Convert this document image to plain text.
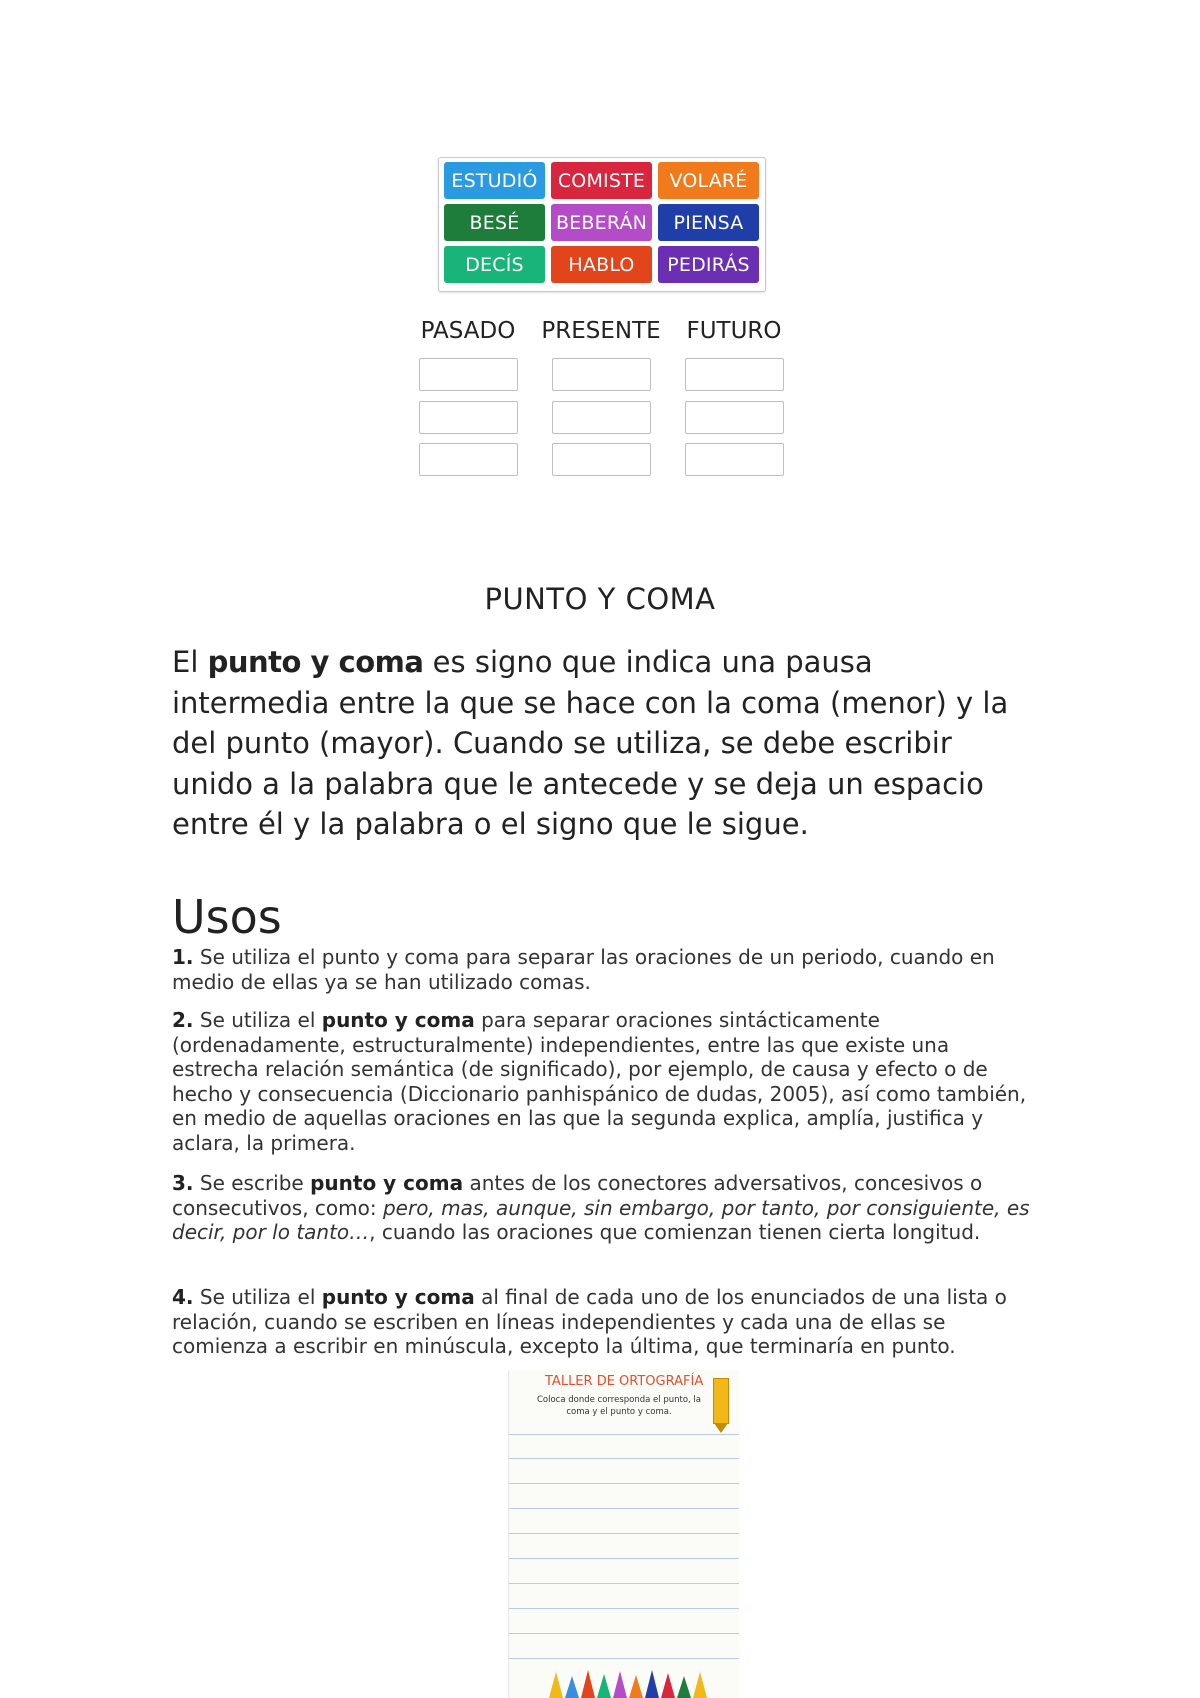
ESTUDIÓ	COMISTE	VOLARÉ
BESÉ	BEBERÁN	PIENSA
DECÍS	HABLO	PEDIRÁS
PASADO	PRESENTE	FUTURO
PUNTO Y COMA

El punto y coma es signo que indica una pausa intermedia entre la que se hace con la coma (menor) y la del punto (mayor). Cuando se utiliza, se debe escribir unido a la palabra que le antecede y se deja un espacio entre él y la palabra o el signo que le sigue.

Usos

1. Se utiliza el punto y coma para separar las oraciones de un periodo, cuando en medio de ellas ya se han utilizado comas.

2. Se utiliza el punto y coma para separar oraciones sintácticamente (ordenadamente, estructuralmente) independientes, entre las que existe una estrecha relación semántica (de significado), por ejemplo, de causa y efecto o de hecho y consecuencia (Diccionario panhispánico de dudas, 2005), así como también, en medio de aquellas oraciones en las que la segunda explica, amplía, justifica y aclara, la primera.

3. Se escribe punto y coma antes de los conectores adversativos, concesivos o consecutivos, como: pero, mas, aunque, sin embargo, por tanto, por consiguiente, es decir, por lo tanto…, cuando las oraciones que comienzan tienen cierta longitud.

4. Se utiliza el punto y coma al final de cada uno de los enunciados de una lista o relación, cuando se escriben en líneas independientes y cada una de ellas se comienza a escribir en minúscula, excepto la última, que terminaría en punto.

TALLER DE ORTOGRAFÍA
Coloca donde corresponda el punto, la coma y el punto y coma.
